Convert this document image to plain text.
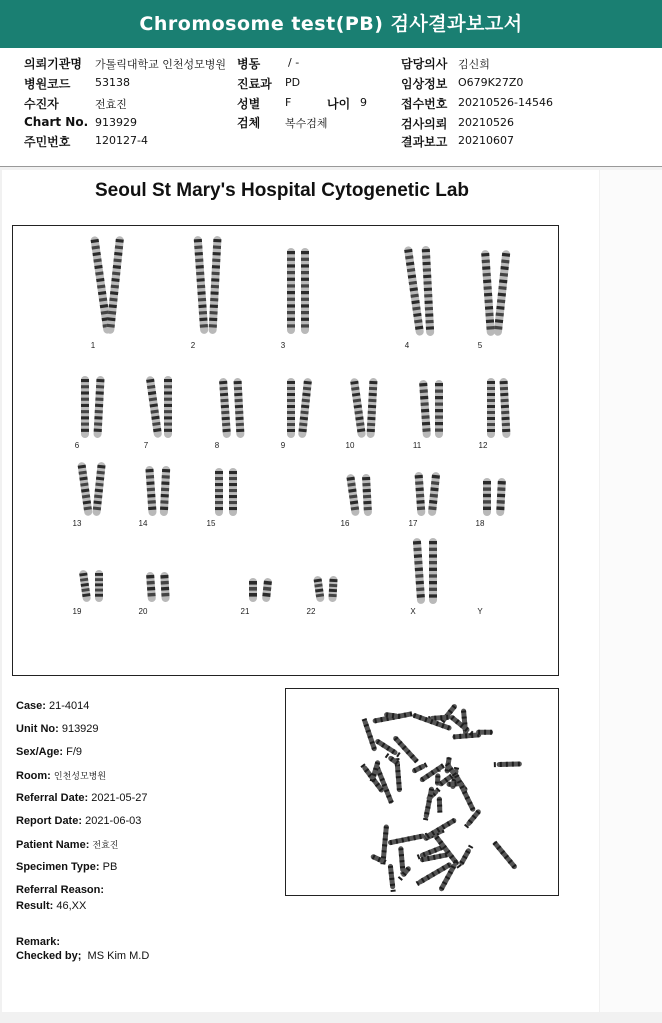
Chromosome test(PB) 검사결과보고서
의뢰기관명 가톨릭대학교 인천성모병원 병동	/ -	담당의사 김신희
병원코드 53138	진료과 PD	임상정보 O679K27Z0
수진자	전효진	성별 F	나이 9	접수번호 20210526-14546
Chart No. 913929	검체 복수검체	검사의뢰 20210526
주민번호 120127-4	결과보고 20210607
Seoul St Mary's Hospital Cytogenetic Lab
1	2	3	4	5
6	7	8	9	10	11	12
13	14	15	16	17	18
19	20	21	22	X	Y
Case: 21-4014
Unit No: 913929
Sex/Age: F/9
Room: 인천성모병원
Referral Date: 2021-05-27
Report Date: 2021-06-03
Patient Name: 전효진
Specimen Type: PB
Referral Reason:
Result: 46,XX
Remark:
Checked by; MS Kim M.D
